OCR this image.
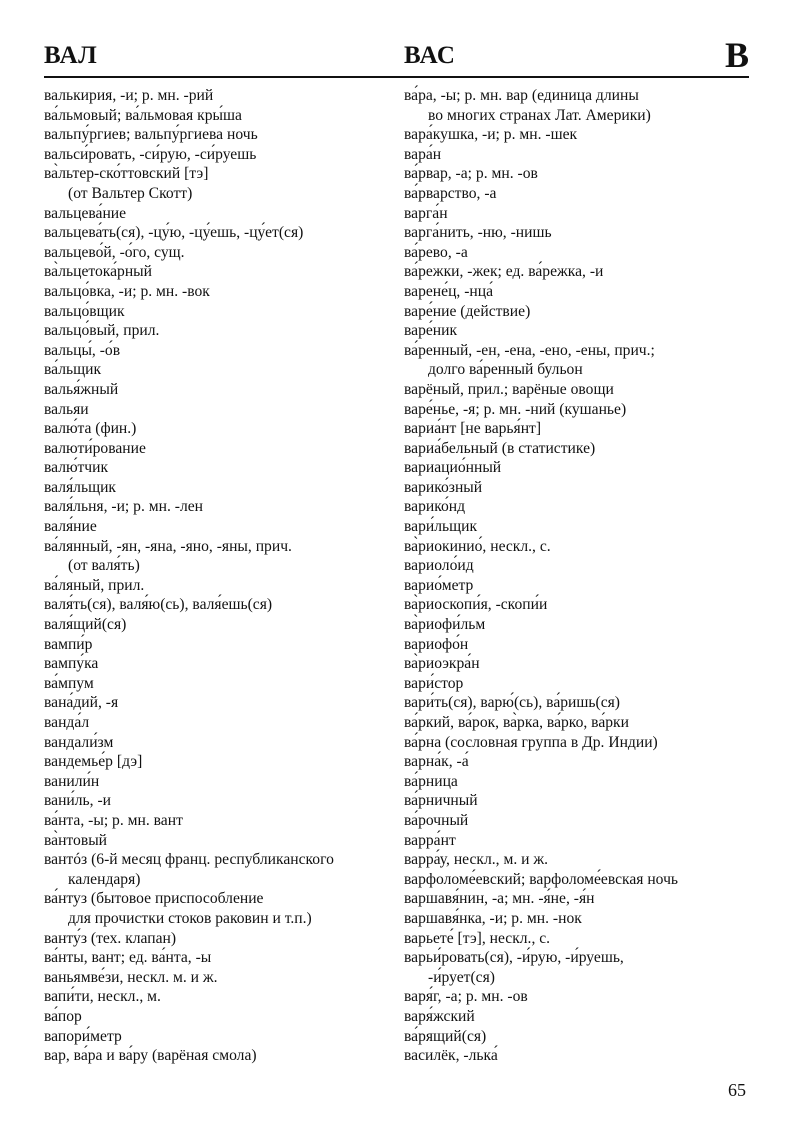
ВАЛ	ВАС	В
валькирия, -и; р. мн. -рий
ва́льмовый; ва́льмовая кры́ша
вальпу́ргиев; вальпу́ргиева ночь
вальси́ровать, -си́рую, -си́руешь
ва̀льтер-ско́ттовский [тэ]
(от Вальтер Скотт)
вальцева́ние
вальцева́ть(ся), -цу́ю, -цу́ешь, -цу́ет(ся)
вальцево́й, -о́го, сущ.
ва̀льцетока́рный
вальцо́вка, -и; р. мн. -вок
вальцо́вщик
вальцо́вый, прил.
вальцы́, -о́в
ва́льщик
валья́жный
вальяи
валю́та (фин.)
валюти́рование
валю́тчик
валя́льщик
валя́льня, -и; р. мн. -лен
валя́ние
ва́лянный, -ян, -яна, -яно, -яны, прич.
(от валя́ть)
ва́ляный, прил.
валя́ть(ся), валя́ю(сь), валя́ешь(ся)
валя́щий(ся)
вампи́р
вампу́ка
ва́мпум
вана́дий, -я
ванда́л
вандали́зм
вандемье́р [дэ]
ванили́н
вани́ль, -и
ва́нта, -ы; р. мн. вант
ва̀нтовый
вантóз (6-й месяц франц. республиканского
календаря)
ва́нтуз (бытовое приспособление
для прочистки стоков раковин и т.п.)
ванту́з (тех. клапан)
ва́нты, вант; ед. ва́нта, -ы
ваньямве́зи, нескл. м. и ж.
вапи́ти, нескл., м.
ва́пор
вапори́метр
вар, ва́ра и ва́ру (варёная смола)
ва́ра, -ы; р. мн. вар (единица длины
во многих странах Лат. Америки)
вара́кушка, -и; р. мн. -шек
вара́н
ва́рвар, -а; р. мн. -ов
ва́рварство, -а
варга́н
варга́нить, -ню, -нишь
ва́рево, -а
ва́режки, -жек; ед. ва́режка, -и
варене́ц, -нца́
варе́ние (действие)
варе́ник
ва́ренный, -ен, -ена, -ено, -ены, прич.;
долго ва́ренный бульон
варёный, прил.; варёные овощи
варе́нье, -я; р. мн. -ний (кушанье)
вариа́нт [не варья́нт]
вариа́бельный (в статистике)
вариацио́нный
варико́зный
варико́нд
вари́льщик
ва̀риокинио́, нескл., с.
вариоло́ид
варио́метр
ва̀риоскопи́я, -скопи́и
ва̀риофи́льм
вариофо́н
ва̀риоэкра́н
вари́стор
вари́ть(ся), варю́(сь), ва́ришь(ся)
ва́ркий, ва́рок, ва̀рка, ва́рко, ва́рки
ва́рна (сословная группа в Др. Индии)
варна́к, -а́
ва́рница
ва́рничный
ва́рочный
варра́нт
варра́у, нескл., м. и ж.
варфоломе́евский; варфоломе́евская ночь
варшавя́нин, -а; мн. -я́не, -я́н
варшавя́нка, -и; р. мн. -нок
варьете́ [тэ], нескл., с.
варьи́ровать(ся), -и́рую, -и́руешь,
-и́рует(ся)
варя́г, -а; р. мн. -ов
варя́жский
ва́рящий(ся)
василёк, -лька́
65
